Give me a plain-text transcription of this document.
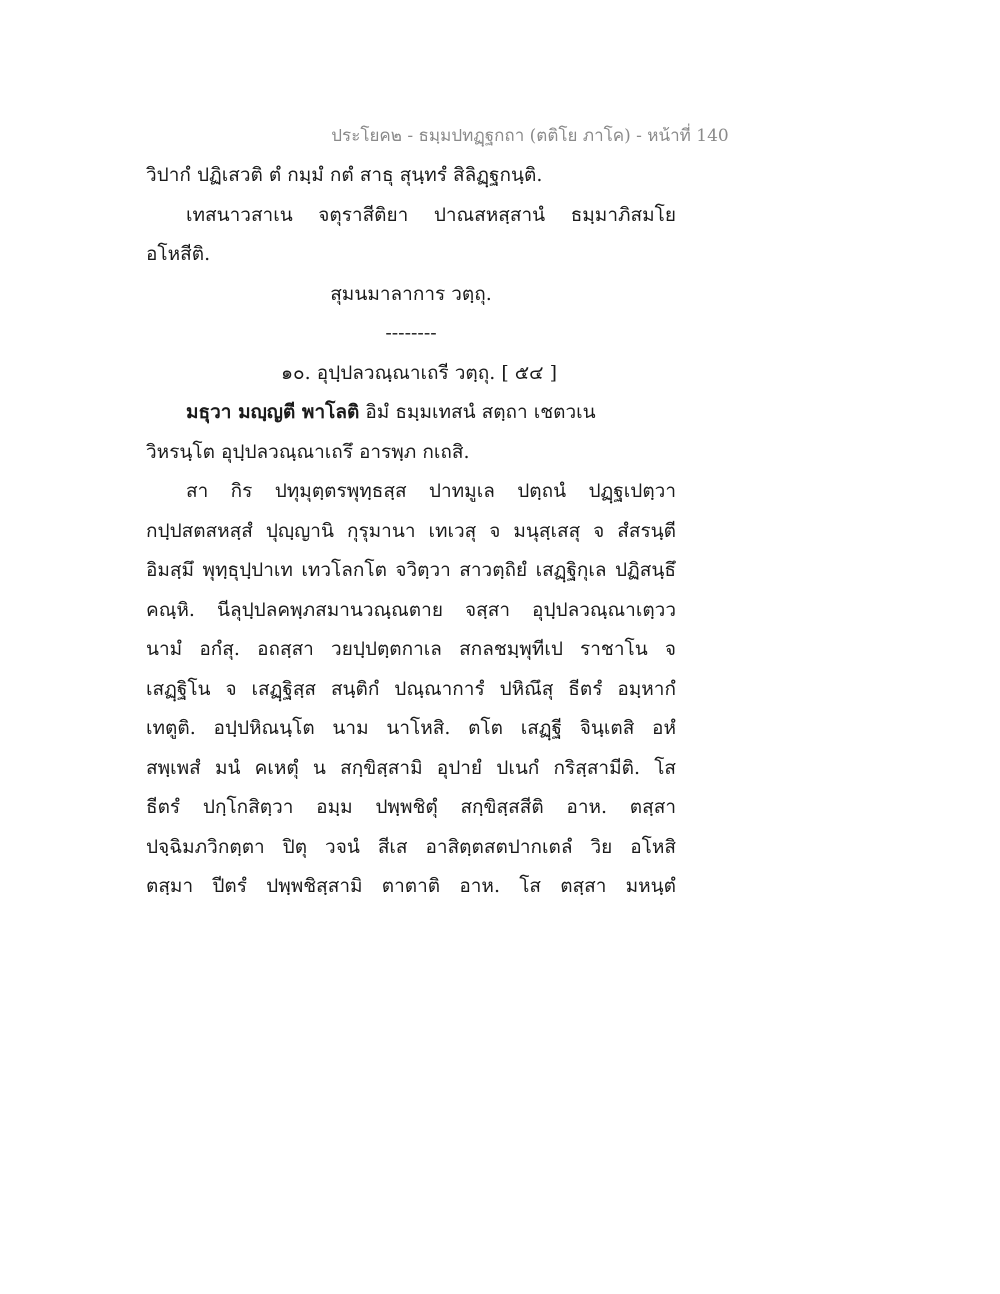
ประโยค๒ - ธมฺมปทฏฺฐกถา (ตติโย ภาโค) - หน้าที่ 140
วิปากํ ปฏิเสวติ ตํ กมฺมํ กตํ สาธุ สุนฺทรํ สิลิฏฺฐกนฺติ.
เทสนาวสาเน จตุราสีติยา ปาณสหสฺสานํ ธมฺมาภิสมโย
อโหสีติ.
สุมนมาลาการ วตฺถุ.
--------
๑๐. อุปฺปลวณฺณาเถรี วตฺถุ. [ ๕๔ ]
มธุวา มญฺญตี พาโลติ อิมํ ธมฺมเทสนํ สตฺถา เชตวเน
วิหรนฺโต อุปฺปลวณฺณาเถรึ อารพฺภ กเถสิ.
สา กิร ปทุมุตฺตรพุทฺธสฺส ปาทมูเล ปตฺถนํ ปฏฺฐเปตฺวา
กปฺปสตสหสฺสํ ปุญฺญานิ กุรุมานา เทเวสุ จ มนุสฺเสสุ จ สํสรนฺตี
อิมสฺมึ พุทฺธุปฺปาเท เทวโลกโต จวิตฺวา สาวตฺถิยํ เสฏฺฐิกุเล ปฏิสนฺธึ
คณฺหิ. นีลุปฺปลคพฺภสมานวณฺณตาย จสฺสา อุปฺปลวณฺณาเตฺวว
นามํ อกํสุ. อถสฺสา วยปฺปตฺตกาเล สกลชมฺพุทีเป ราชาโน จ
เสฏฺฐิโน จ เสฏฺฐิสฺส สนฺติกํ ปณฺณาการํ ปหิณึสุ ธีตรํ อมฺหากํ
เทตูติ. อปฺปหิณนฺโต นาม นาโหสิ. ตโต เสฏฺฐี จินฺเตสิ อหํ
สพฺเพสํ มนํ คเหตุํ น สกฺขิสฺสามิ อุปายํ ปเนกํ กริสฺสามีติ. โส
ธีตรํ ปกฺโกสิตฺวา อมฺม ปพฺพชิตุํ สกฺขิสฺสสีติ อาห. ตสฺสา
ปจฺฉิมภวิกตฺตา ปิตุ วจนํ สีเส อาสิตฺตสตปากเตลํ วิย อโหสิ
ตสฺมา ปีตรํ ปพฺพชิสฺสามิ ตาตาติ อาห. โส ตสฺสา มหนฺตํ
